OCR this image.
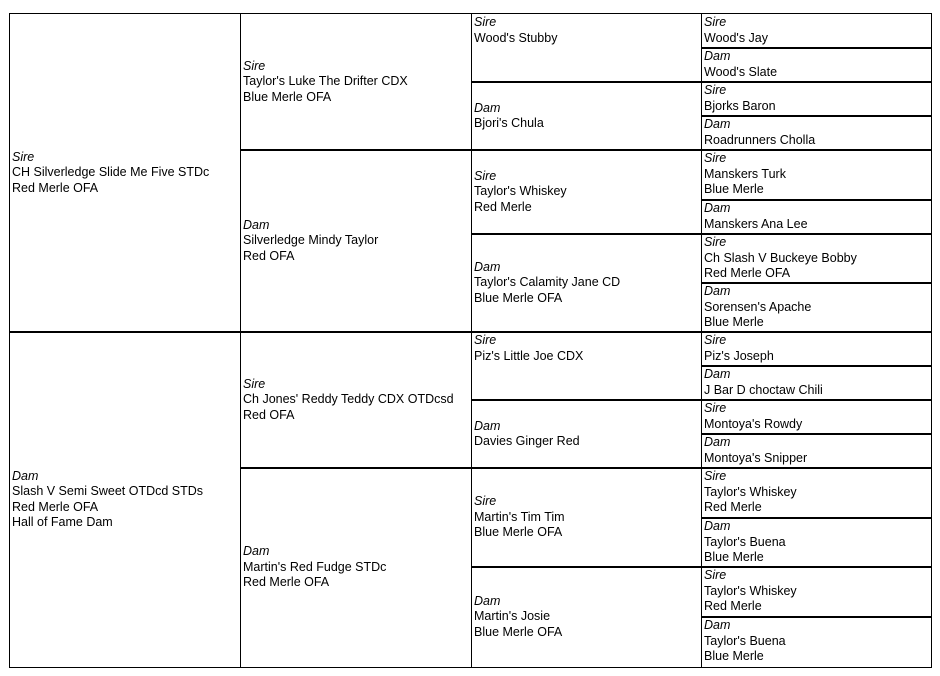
Sire
CH Silverledge Slide Me Five STDc
Red Merle OFA
Dam
Slash V Semi Sweet OTDcd STDs
Red Merle OFA
Hall of Fame Dam
Sire
Taylor's Luke The Drifter CDX
Blue Merle OFA
Dam
Silverledge Mindy Taylor
Red OFA
Sire
Ch Jones' Reddy Teddy CDX OTDcsd
Red OFA
Dam
Martin's Red Fudge STDc
Red Merle OFA
Sire
Wood's Stubby
Dam
Bjori's Chula
Sire
Taylor's Whiskey
Red Merle
Dam
Taylor's Calamity Jane CD
Blue Merle OFA
Sire
Piz's Little Joe CDX
Dam
Davies Ginger Red
Sire
Martin's Tim Tim
Blue Merle OFA
Dam
Martin's Josie
Blue Merle OFA
Sire
Wood's Jay
Dam
Wood's Slate
Sire
Bjorks Baron
Dam
Roadrunners Cholla
Sire
Manskers Turk
Blue Merle
Dam
Manskers Ana Lee
Sire
Ch Slash V Buckeye Bobby
Red Merle OFA
Dam
Sorensen's Apache
Blue Merle
Sire
Piz's Joseph
Dam
J Bar D choctaw Chili
Sire
Montoya's Rowdy
Dam
Montoya's Snipper
Sire
Taylor's Whiskey
Red Merle
Dam
Taylor's Buena
Blue Merle
Sire
Taylor's Whiskey
Red Merle
Dam
Taylor's Buena
Blue Merle
